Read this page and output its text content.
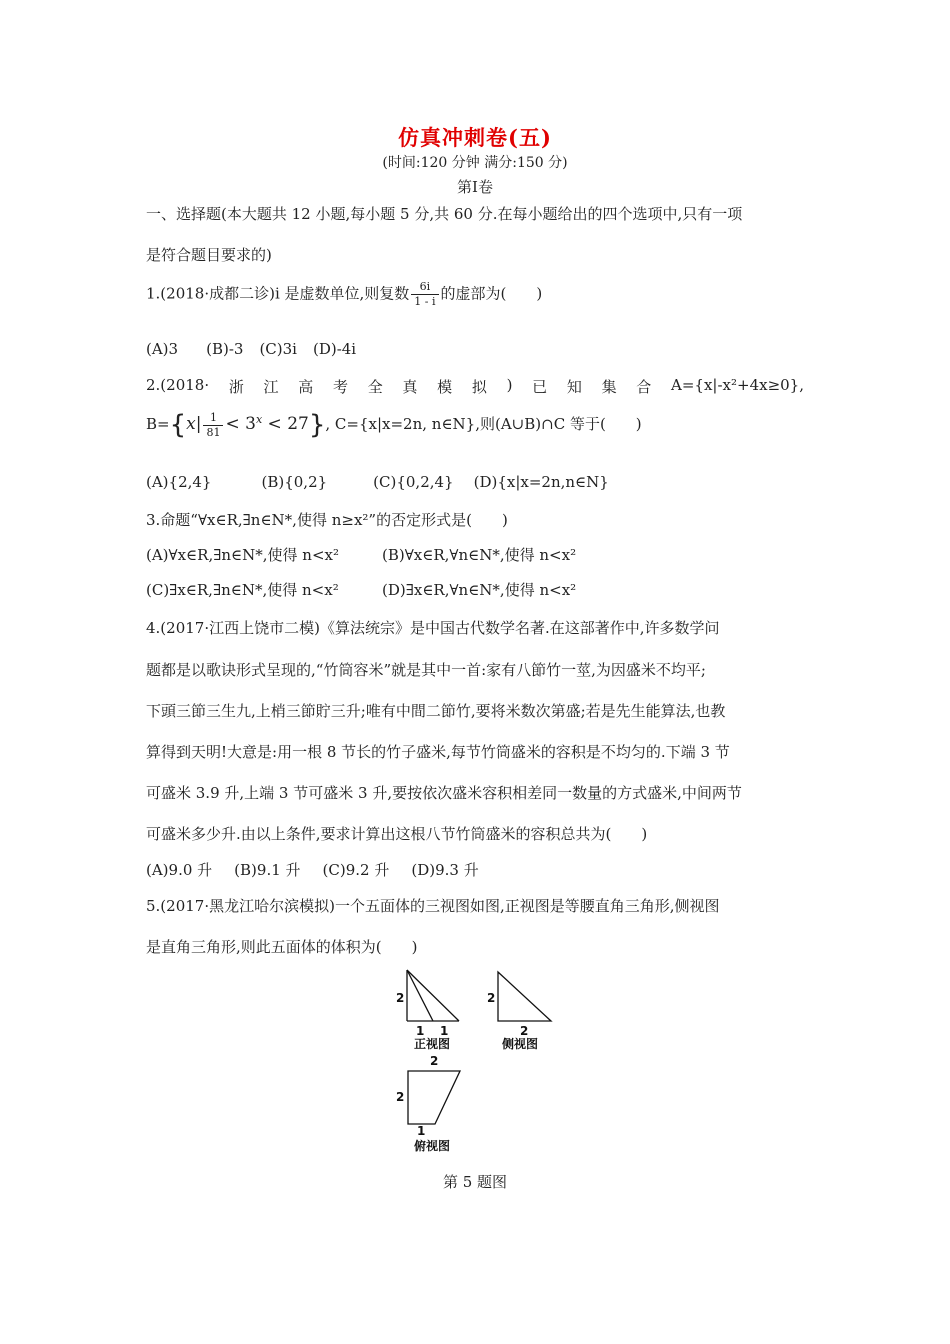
仿真冲刺卷(五)
(时间:120 分钟 满分:150 分)
第Ⅰ卷
一、选择题(本大题共 12 小题,每小题 5 分,共 60 分.在每小题给出的四个选项中,只有一项
是符合题目要求的)
1.(2018·成都二诊)i 是虚数单位,则复数 $\frac{6i}{1 - i}$ 的虚部为(　　)
(A)3 (B)-3 (C)3i (D)-4i
2.(2018· 浙 江 高 考 全 真 模 拟 ) 已 知 集 合 A={x|-x²+4x≥0},
$B=\{x| \frac{1}{81} < 3^x < 27\}$, C={x|x=2n, n∈N},则(A∪B)∩C 等于(　　)
(A){2,4}	(B){0,2}	(C){0,2,4} (D){x|x=2n,n∈N}
3.命题“∀x∈R,∃n∈N*,使得 n≥x²”的否定形式是(　　)
(A)∀x∈R,∃n∈N*,使得 n<x²	(B)∀x∈R,∀n∈N*,使得 n<x²
(C)∃x∈R,∃n∈N*,使得 n<x²	(D)∃x∈R,∀n∈N*,使得 n<x²
4.(2017·江西上饶市二模)《算法统宗》是中国古代数学名著.在这部著作中,许多数学问
题都是以歌诀形式呈现的,“竹筒容米”就是其中一首:家有八節竹一莖,为因盛米不均平;
下頭三節三生九,上梢三節貯三升;唯有中間二節竹,要将米数次第盛;若是先生能算法,也教
算得到天明!大意是:用一根 8 节长的竹子盛米,每节竹筒盛米的容积是不均匀的.下端 3 节
可盛米 3.9 升,上端 3 节可盛米 3 升,要按依次盛米容积相差同一数量的方式盛米,中间两节
可盛米多少升.由以上条件,要求计算出这根八节竹筒盛米的容积总共为(　　)
(A)9.0 升 (B)9.1 升 (C)9.2 升 (D)9.3 升
5.(2017·黑龙江哈尔滨模拟)一个五面体的三视图如图,正视图是等腰直角三角形,侧视图
是直角三角形,则此五面体的体积为(　　)
2
1 1
正视图
2
2
侧视图
2
2
1
俯视图
第 5 题图
